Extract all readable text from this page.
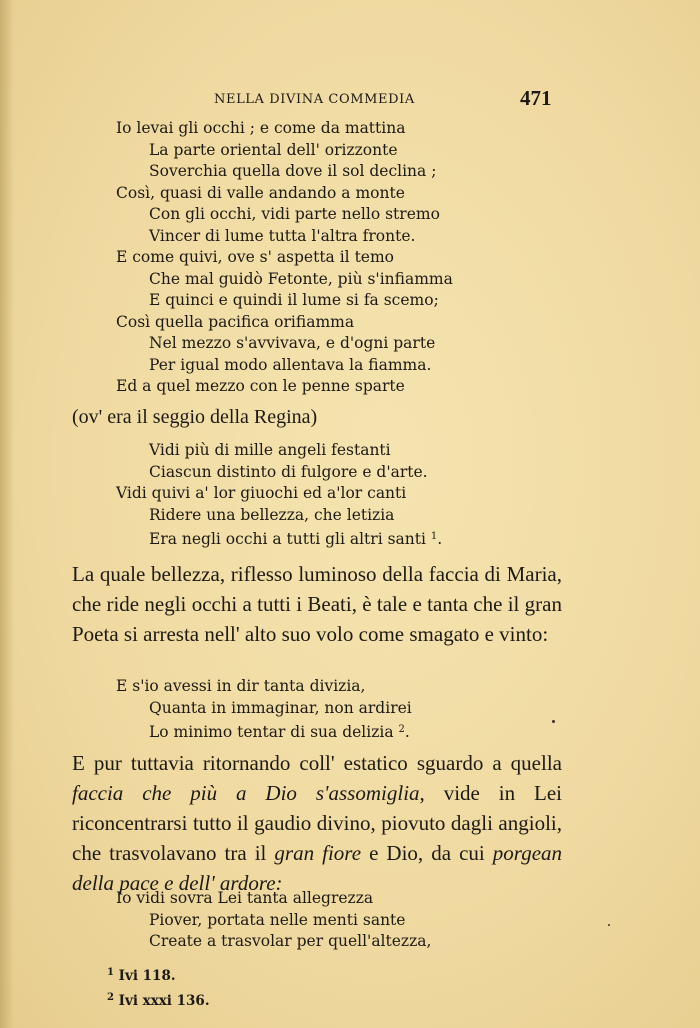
NELLA DIVINA COMMEDIA	471
Io levai gli occhi ; e come da mattina
La parte oriental dell' orizzonte
Soverchia quella dove il sol declina ;
Così, quasi di valle andando a monte
Con gli occhi, vidi parte nello stremo
Vincer di lume tutta l'altra fronte.
E come quivi, ove s' aspetta il temo
Che mal guidò Fetonte, più s'infiamma
E quinci e quindi il lume si fa scemo;
Così quella pacifica orifiamma
Nel mezzo s'avvivava, e d'ogni parte
Per igual modo allentava la fiamma.
Ed a quel mezzo con le penne sparte
(ov' era il seggio della Regina)
Vidi più di mille angeli festanti
Ciascun distinto di fulgore e d'arte.
Vidi quivi a' lor giuochi ed a'lor canti
Ridere una bellezza, che letizia
Era negli occhi a tutti gli altri santi $^1$.

La quale bellezza, riflesso luminoso della faccia di Maria, che ride negli occhi a tutti i Beati, è tale e tanta che il gran Poeta si arresta nell' alto suo volo come smagato e vinto:

E s'io avessi in dir tanta divizia,
Quanta in immaginar, non ardirei
Lo minimo tentar di sua delizia $^2$.

E pur tuttavia ritornando coll' estatico sguardo a quella faccia che più a Dio s'assomiglia, vide in Lei riconcentrarsi tutto il gaudio divino, piovuto dagli angioli, che trasvolavano tra il gran fiore e Dio, da cui porgean della pace e dell' ardore:

Io vidi sovra Lei tanta allegrezza
Piover, portata nelle menti sante
Create a trasvolar per quell'altezza,
$^1$ Ivi 118.
$^2$ Ivi xxxi 136.
